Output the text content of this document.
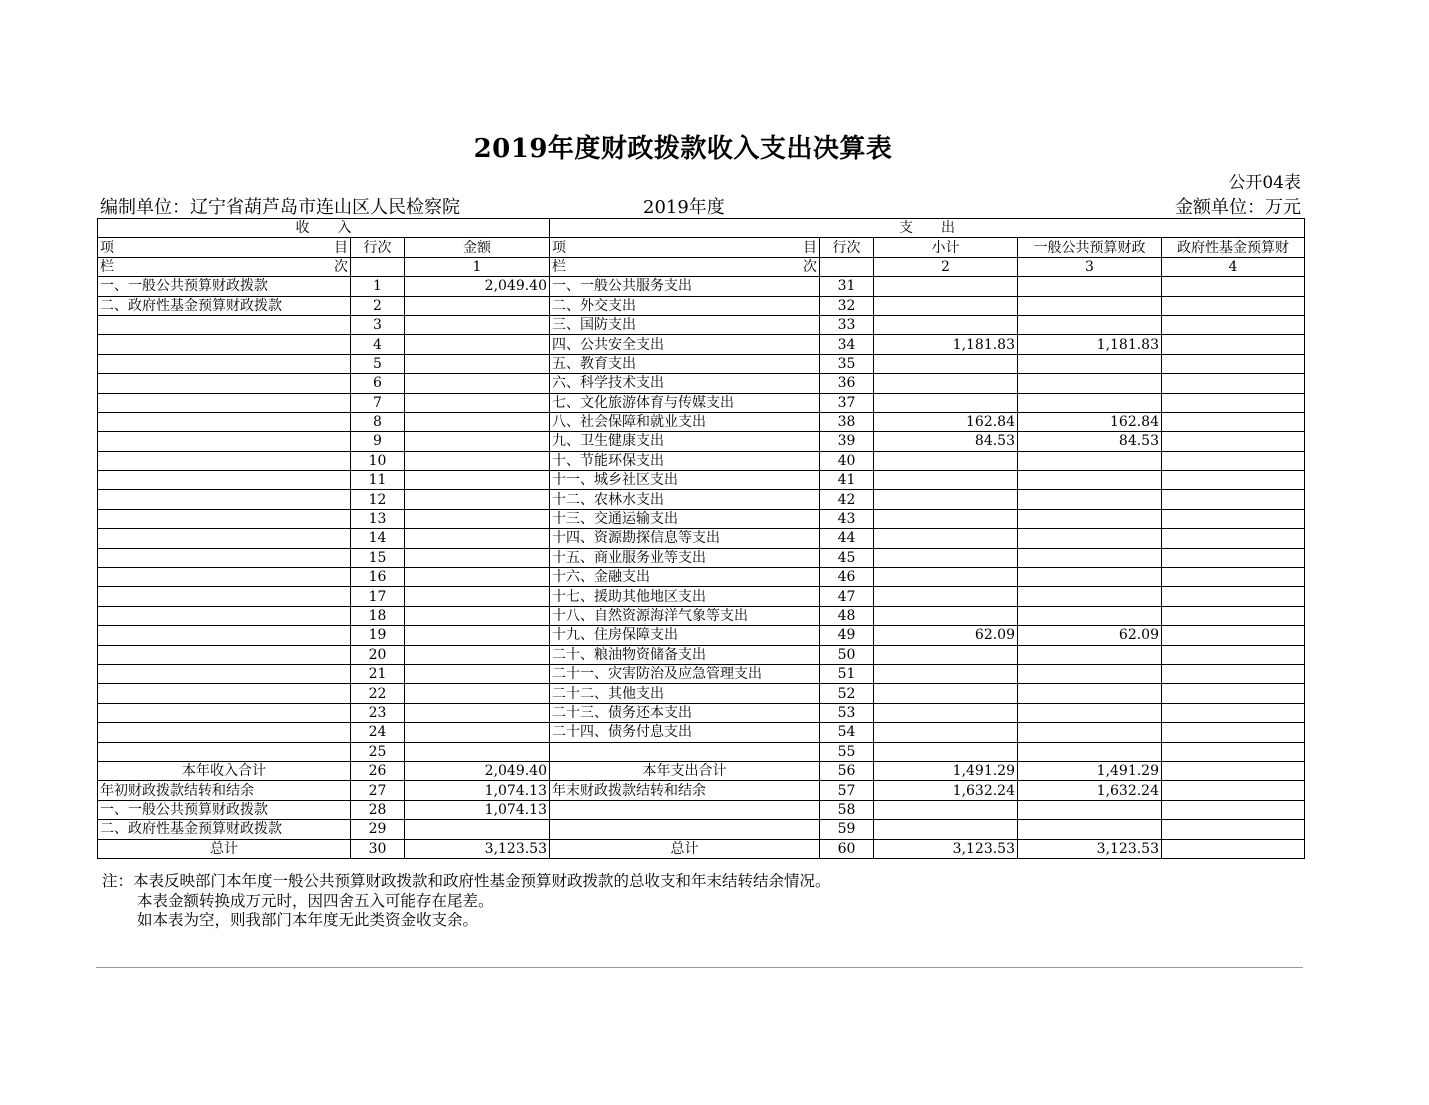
2019年度财政拨款收入支出决算表
公开04表
编制单位：辽宁省葫芦岛市连山区人民检察院	2019年度	金额单位：万元
收　　入			支　　出				

项 目	行次	金额	项 目	行次	小计	一般公共预算财政	政府性基金预算财

栏 次		1	栏 次		2	3	4
一、一般公共预算财政拨款	1	2,049.40	一、一般公共服务支出	31			
二、政府性基金预算财政拨款	2		二、外交支出	32			
	3		三、国防支出	33			
	4		四、公共安全支出	34	1,181.83	1,181.83	
	5		五、教育支出	35			
	6		六、科学技术支出	36			
	7		七、文化旅游体育与传媒支出	37			
	8		八、社会保障和就业支出	38	162.84	162.84	
	9		九、卫生健康支出	39	84.53	84.53	
	10		十、节能环保支出	40			
	11		十一、城乡社区支出	41			
	12		十二、农林水支出	42			
	13		十三、交通运输支出	43			
	14		十四、资源勘探信息等支出	44			
	15		十五、商业服务业等支出	45			
	16		十六、金融支出	46			
	17		十七、援助其他地区支出	47			
	18		十八、自然资源海洋气象等支出	48			
	19		十九、住房保障支出	49	62.09	62.09	
	20		二十、粮油物资储备支出	50			
	21		二十一、灾害防治及应急管理支出	51			
	22		二十二、其他支出	52			
	23		二十三、债务还本支出	53			
	24		二十四、债务付息支出	54			
	25			55			
本年收入合计	26	2,049.40	本年支出合计	56	1,491.29	1,491.29	
年初财政拨款结转和结余	27	1,074.13	年末财政拨款结转和结余	57	1,632.24	1,632.24	
一、一般公共预算财政拨款	28	1,074.13		58			
二、政府性基金预算财政拨款	29			59			
总计	30	3,123.53	总计	60	3,123.53	3,123.53	
注：本表反映部门本年度一般公共预算财政拨款和政府性基金预算财政拨款的总收支和年末结转结余情况。
本表金额转换成万元时，因四舍五入可能存在尾差。
如本表为空，则我部门本年度无此类资金收支余。
